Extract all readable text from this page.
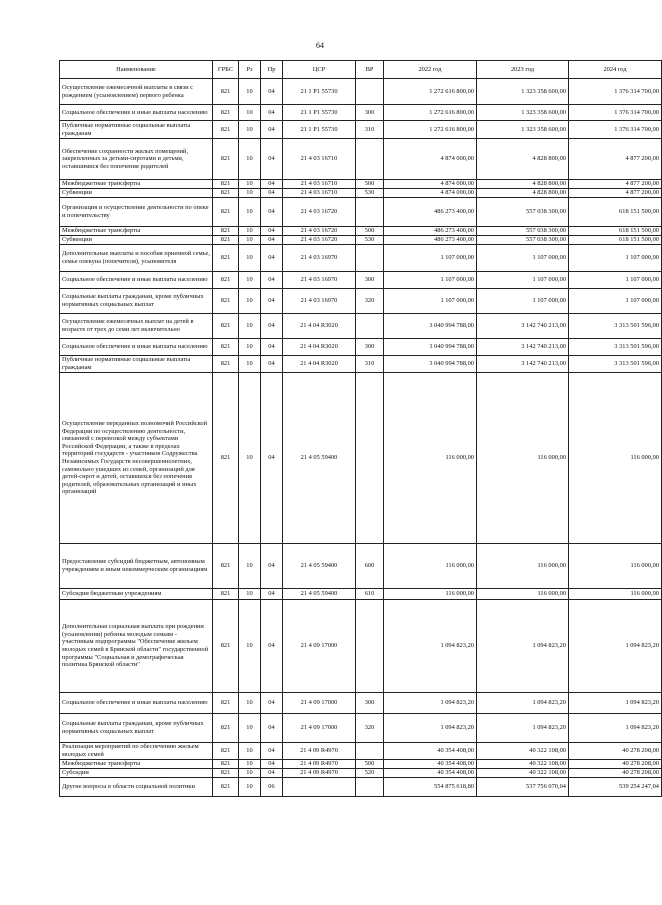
64
Наименование	ГРБС	Рз	Пр	ЦСР	ВР	2022 год	2023 год	2024 год
Осуществление ежемесячной выплаты в связи с рождением (усыновлением) первого ребенка	821	10	04	21 1 P1 55730		1 272 616 800,00	1 323 358 600,00	1 376 314 700,00
Социальное обеспечение и иные выплаты населению	821	10	04	21 1 P1 55730	300	1 272 616 800,00	1 323 358 600,00	1 376 314 700,00
Публичные нормативные социальные выплаты гражданам	821	10	04	21 1 P1 55730	310	1 272 616 800,00	1 323 358 600,00	1 376 314 700,00
Обеспечение сохранности жилых помещений, закрепленных за детьми-сиротами и детьми, оставшимися без попечения родителей	821	10	04	21 4 03 16710		4 874 000,00	4 828 800,00	4 877 200,00
Межбюджетные трансферты	821	10	04	21 4 03 16710	500	4 874 000,00	4 828 800,00	4 877 200,00
Субвенции	821	10	04	21 4 03 16710	530	4 874 000,00	4 828 800,00	4 877 200,00
Организация и осуществление деятельности по опеке и попечительству	821	10	04	21 4 03 16720		486 273 400,00	557 038 300,00	618 151 500,00
Межбюджетные трансферты	821	10	04	21 4 03 16720	500	486 273 400,00	557 038 300,00	618 151 500,00
Субвенции	821	10	04	21 4 03 16720	530	486 273 400,00	557 038 300,00	618 151 500,00
Дополнительные выплаты и пособия приемной семье, семье опекуна (попечителя), усыновителя	821	10	04	21 4 03 16970		1 107 000,00	1 107 000,00	1 107 000,00
Социальное обеспечение и иные выплаты населению	821	10	04	21 4 03 16970	300	1 107 000,00	1 107 000,00	1 107 000,00
Социальные выплаты гражданам, кроме публичных нормативных социальных выплат	821	10	04	21 4 03 16970	320	1 107 000,00	1 107 000,00	1 107 000,00
Осуществление ежемесячных выплат на детей в возрасте от трех до семи лет включительно	821	10	04	21 4 04 R3020		3 040 994 788,00	3 142 740 213,00	3 313 501 596,00
Социальное обеспечение и иные выплаты населению	821	10	04	21 4 04 R3020	300	3 040 994 788,00	3 142 740 213,00	3 313 501 596,00
Публичные нормативные социальные выплаты гражданам	821	10	04	21 4 04 R3020	310	3 040 994 788,00	3 142 740 213,00	3 313 501 596,00
Осуществление переданных полномочий Российской Федерации по осуществлению деятельности, связанной с перевозкой между субъектами Российской Федерации, а также в пределах территорий государств - участников Содружества Независимых Государств несовершеннолетних, самовольно ушедших из семей, организаций для детей-сирот и детей, оставшихся без попечения родителей, образовательных организаций и иных организаций	821	10	04	21 4 05 59400		116 000,00	116 000,00	116 000,00
Предоставление субсидий бюджетным, автономным учреждениям и иным некоммерческим организациям	821	10	04	21 4 05 59400	600	116 000,00	116 000,00	116 000,00
Субсидии бюджетным учреждениям	821	10	04	21 4 05 59400	610	116 000,00	116 000,00	116 000,00
Дополнительная социальная выплата при рождении (усыновлении) ребенка молодым семьям - участникам подпрограммы "Обеспечение жильем молодых семей в Брянской области" государственной программы "Социальная и демографическая политика Брянской области"	821	10	04	21 4 09 17000		1 094 823,20	1 094 823,20	1 094 823,20
Социальное обеспечение и иные выплаты населению	821	10	04	21 4 09 17000	300	1 094 823,20	1 094 823,20	1 094 823,20
Социальные выплаты гражданам, кроме публичных нормативных социальных выплат	821	10	04	21 4 09 17000	320	1 094 823,20	1 094 823,20	1 094 823,20
Реализация мероприятий по обеспечению жильем молодых семей	821	10	04	21 4 09 R4970		40 354 408,00	40 322 108,00	40 278 208,00
Межбюджетные трансферты	821	10	04	21 4 09 R4970	500	40 354 408,00	40 322 108,00	40 278 208,00
Субсидии	821	10	04	21 4 09 R4970	520	40 354 408,00	40 322 108,00	40 278 208,00
Другие вопросы в области социальной политики	821	10	06			554 875 618,80	537 756 070,04	539 254 247,04
